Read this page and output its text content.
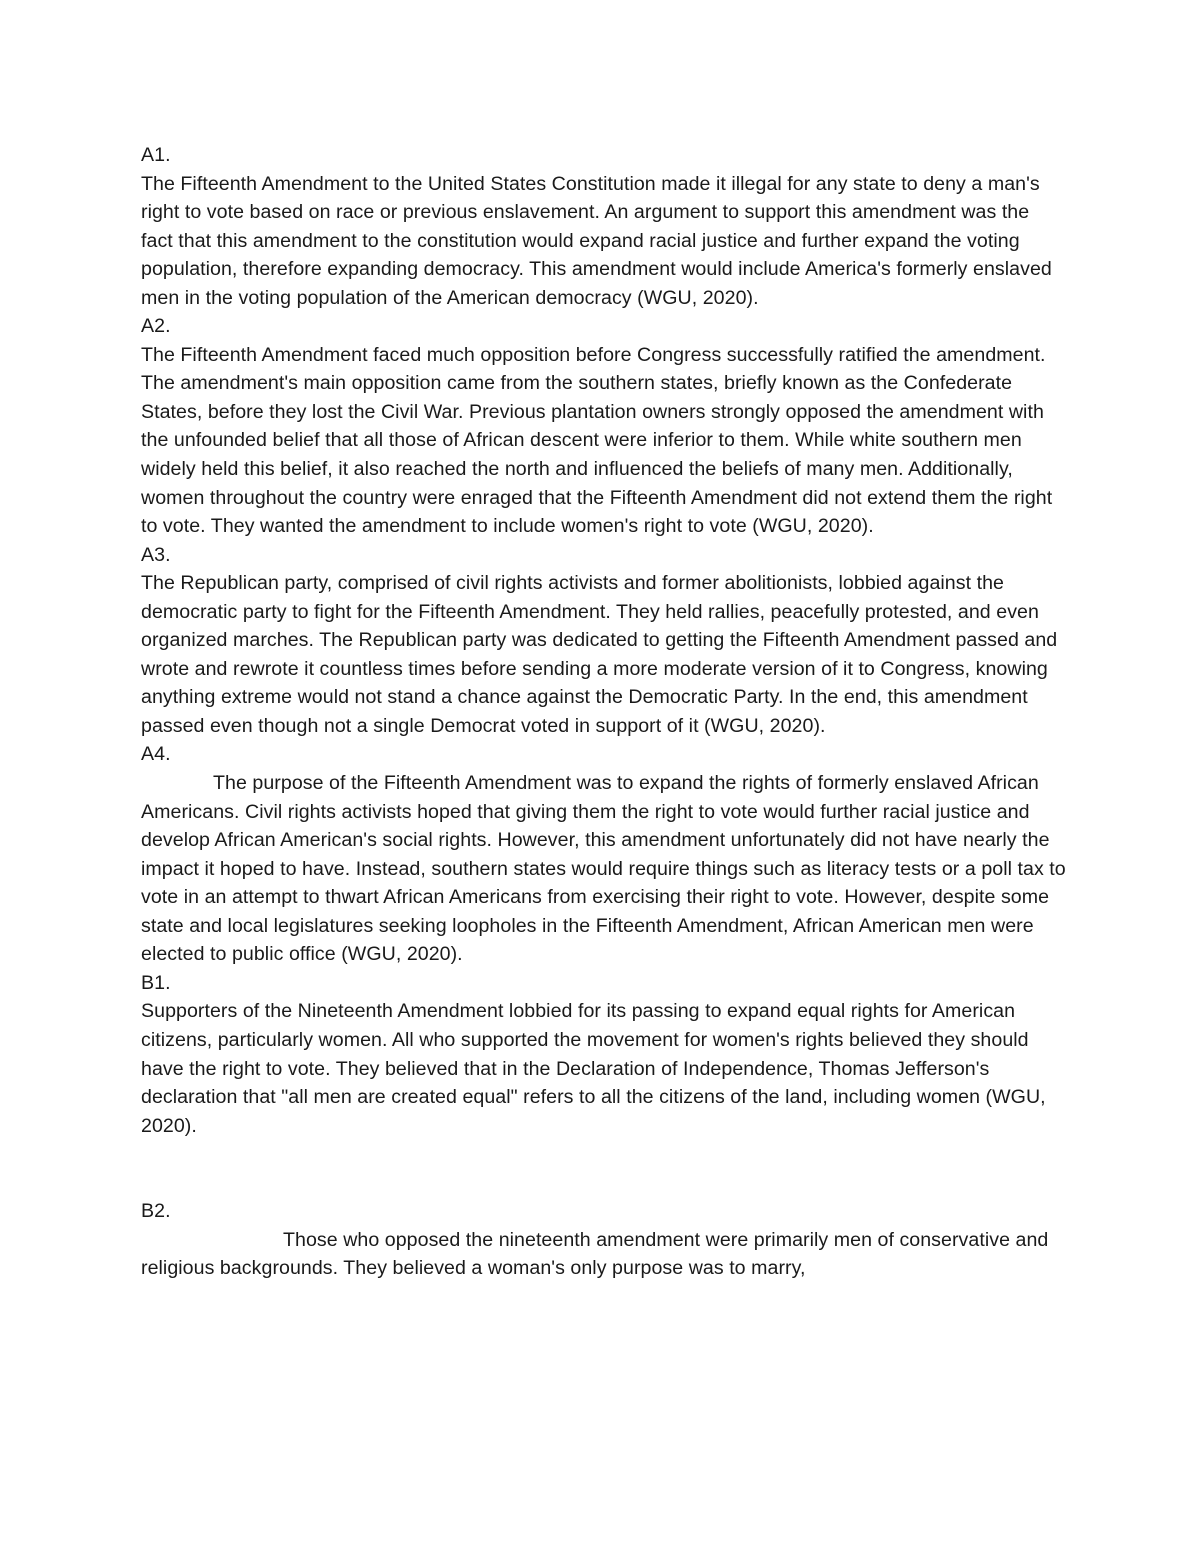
A1.

The Fifteenth Amendment to the United States Constitution made it illegal for any state to deny a man's right to vote based on race or previous enslavement. An argument to support this amendment was the fact that this amendment to the constitution would expand racial justice and further expand the voting population, therefore expanding democracy. This amendment would include America's formerly enslaved men in the voting population of the American democracy (WGU, 2020).

A2.

The Fifteenth Amendment faced much opposition before Congress successfully ratified the amendment. The amendment's main opposition came from the southern states, briefly known as the Confederate States, before they lost the Civil War. Previous plantation owners strongly opposed the amendment with the unfounded belief that all those of African descent were inferior to them. While white southern men widely held this belief, it also reached the north and influenced the beliefs of many men. Additionally, women throughout the country were enraged that the Fifteenth Amendment did not extend them the right to vote. They wanted the amendment to include women's right to vote (WGU, 2020).

A3.

The Republican party, comprised of civil rights activists and former abolitionists, lobbied against the democratic party to fight for the Fifteenth Amendment. They held rallies, peacefully protested, and even organized marches. The Republican party was dedicated to getting the Fifteenth Amendment passed and wrote and rewrote it countless times before sending a more moderate version of it to Congress, knowing anything extreme would not stand a chance against the Democratic Party. In the end, this amendment passed even though not a single Democrat voted in support of it (WGU, 2020).

A4.

The purpose of the Fifteenth Amendment was to expand the rights of formerly enslaved African Americans. Civil rights activists hoped that giving them the right to vote would further racial justice and develop African American's social rights. However, this amendment unfortunately did not have nearly the impact it hoped to have. Instead, southern states would require things such as literacy tests or a poll tax to vote in an attempt to thwart African Americans from exercising their right to vote. However, despite some state and local legislatures seeking loopholes in the Fifteenth Amendment, African American men were elected to public office (WGU, 2020).

B1.

Supporters of the Nineteenth Amendment lobbied for its passing to expand equal rights for American citizens, particularly women. All who supported the movement for women's rights believed they should have the right to vote. They believed that in the Declaration of Independence, Thomas Jefferson's declaration that "all men are created equal" refers to all the citizens of the land, including women (WGU, 2020).

B2.

Those who opposed the nineteenth amendment were primarily men of conservative and religious backgrounds. They believed a woman's only purpose was to marry,
